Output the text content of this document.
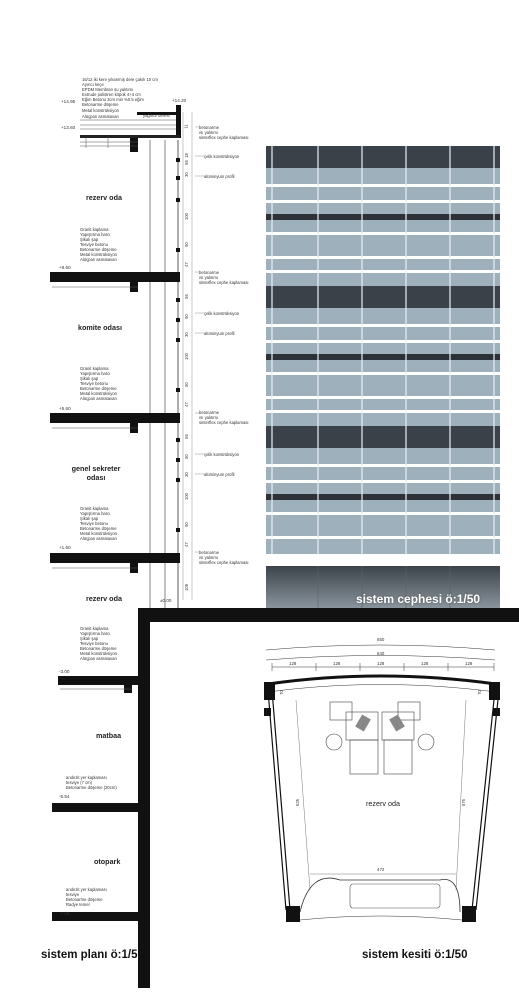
16/12 iki kere yıkanmış dere çakılı 10 cm
Ayırıcı keçe
EPDM Membran su yalıtımı
Extrude polistren köpük 4+4 cm
Eğim Betonu 3cm min %0.5 eğim
Betonarme döşeme
Metal konstrüksiyon
Alüçpan asmatavan
+14.95	+14.20
+13.60
yağmur deresi
betonarme
ısı yalıtımı
sinterflex cephe kaplaması
çelik konstrüksiyon
alüminyum profil
betonarme
ısı yalıtımı
sinterflex cephe kaplaması
çelik konstrüksiyon
alüminyum profil
betonarme
ısı yalıtımı
sinterflex cephe kaplaması
çelik konstrüksiyon
alüminyum profil
betonarme
ısı yalıtımı
sinterflex cephe kaplaması
11
18
56
30
100
50
47
56
50
30
100
50
47
56
50
30
100
50
47
109
Granit kaplama
Yapıştırma harcı
Şikalı şap
Tesviye betonu
Betonarme döşeme
Metal konstrüksiyon
Alüçpan asmatavan
+9.60
Granit kaplama
Yapıştırma harcı
Şikalı şap
Tesviye betonu
Betonarme döşeme
Metal konstrüksiyon
Alüçpan asmatavan
+5.60
Granit kaplama
Yapıştırma harcı
Şikalı şap
Tesviye betonu
Betonarme döşeme
Metal konstrüksiyon
Alüçpan asmatavan
+1.60
Granit kaplama
Yapıştırma harcı
Şikalı şap
Tesviye betonu
Betonarme döşeme
Metal konstrüksiyon
Alüçpan asmatavan
±0.00
-3.00
andezit yer kaplaması
tesviye (7 cm)
Betonarme döşeme (20cm)
-5.54
andezit yer kaplaması
tesviye
Betonarme döşeme
Radye temel
-7.06
rezerv oda
komite odası
genel sekreter
odası
rezerv oda
matbaa
otopark
rezerv oda
650
640
128	128	128	128	128
625	576
472
70	70
sistem cephesi ö:1/50
sistem planı ö:1/50	sistem kesiti ö:1/50
